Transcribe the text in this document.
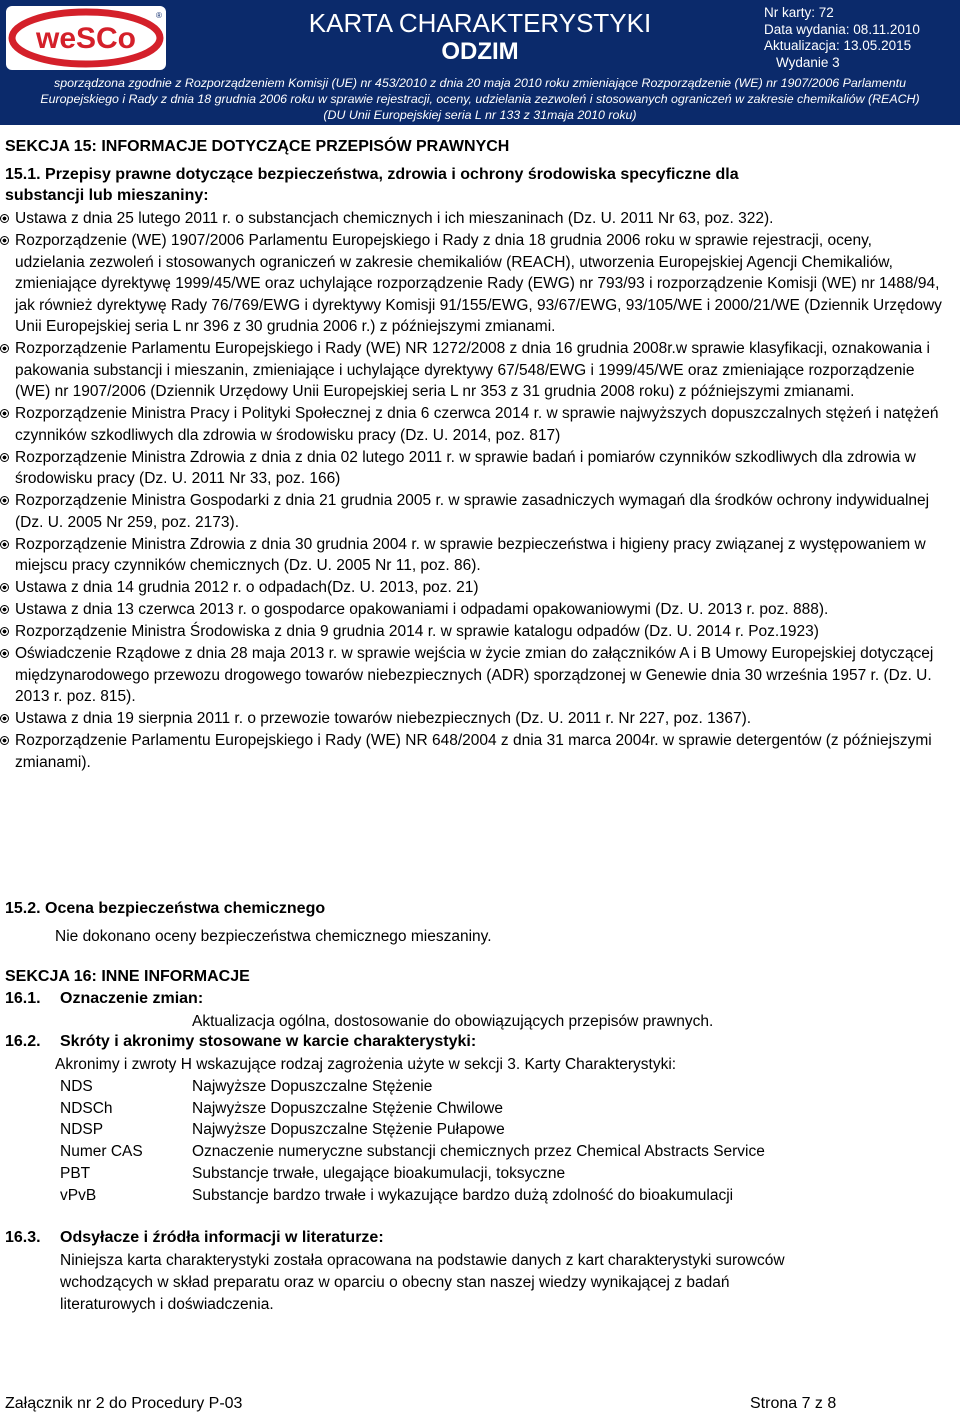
weSCo
®	KARTA CHARAKTERYSTYKI
ODZIM
Nr karty: 72
Data wydania: 08.11.2010
Aktualizacja: 13.05.2015
Wydanie 3
sporządzona zgodnie z Rozporządzeniem Komisji (UE) nr 453/2010 z dnia 20 maja 2010 roku zmieniające Rozporządzenie (WE) nr 1907/2006 Parlamentu
Europejskiego i Rady z dnia 18 grudnia 2006 roku w sprawie rejestracji, oceny, udzielania zezwoleń i stosowanych ograniczeń w zakresie chemikaliów (REACH)
(DU Unii Europejskiej seria L nr 133 z 31maja 2010 roku)
SEKCJA 15: INFORMACJE DOTYCZĄCE PRZEPISÓW PRAWNYCH
15.1. Przepisy prawne dotyczące bezpieczeństwa, zdrowia i ochrony środowiska specyficzne dla
substancji lub mieszaniny:
Ustawa z dnia 25 lutego 2011 r. o substancjach chemicznych i ich mieszaninach (Dz. U. 2011 Nr 63, poz. 322).
Rozporządzenie (WE) 1907/2006 Parlamentu Europejskiego i Rady z dnia 18 grudnia 2006 roku w sprawie rejestracji, oceny, udzielania zezwoleń i stosowanych ograniczeń w zakresie chemikaliów (REACH), utworzenia Europejskiej Agencji Chemikaliów, zmieniające dyrektywę 1999/45/WE oraz uchylające rozporządzenie Rady (EWG) nr 793/93 i rozporządzenie Komisji (WE) nr 1488/94, jak również dyrektywę Rady 76/769/EWG i dyrektywy Komisji 91/155/EWG, 93/67/EWG, 93/105/WE i 2000/21/WE (Dziennik Urzędowy Unii Europejskiej seria L nr 396 z 30 grudnia 2006 r.) z późniejszymi zmianami.
Rozporządzenie Parlamentu Europejskiego i Rady (WE) NR 1272/2008 z dnia 16 grudnia 2008r.w sprawie klasyfikacji, oznakowania i pakowania substancji i mieszanin, zmieniające i uchylające dyrektywy 67/548/EWG i 1999/45/WE oraz zmieniające rozporządzenie (WE) nr 1907/2006 (Dziennik Urzędowy Unii Europejskiej seria L nr 353 z 31 grudnia 2008 roku) z późniejszymi zmianami.
Rozporządzenie Ministra Pracy i Polityki Społecznej z dnia 6 czerwca 2014 r. w sprawie najwyższych dopuszczalnych stężeń i natężeń czynników szkodliwych dla zdrowia w środowisku pracy (Dz. U. 2014, poz. 817)
Rozporządzenie Ministra Zdrowia z dnia z dnia 02 lutego 2011 r. w sprawie badań i pomiarów czynników szkodliwych dla zdrowia w środowisku pracy (Dz. U. 2011 Nr 33, poz. 166)
Rozporządzenie Ministra Gospodarki z dnia 21 grudnia 2005 r. w sprawie zasadniczych wymagań dla środków ochrony indywidualnej (Dz. U. 2005 Nr 259, poz. 2173).
Rozporządzenie Ministra Zdrowia z dnia 30 grudnia 2004 r. w sprawie bezpieczeństwa i higieny pracy związanej z występowaniem w miejscu pracy czynników chemicznych (Dz. U. 2005 Nr 11, poz. 86).
Ustawa z dnia 14 grudnia 2012 r. o odpadach(Dz. U. 2013, poz. 21)
Ustawa z dnia 13 czerwca 2013 r. o gospodarce opakowaniami i odpadami opakowaniowymi (Dz. U. 2013 r. poz. 888).
Rozporządzenie Ministra Środowiska z dnia 9 grudnia 2014 r. w sprawie katalogu odpadów (Dz. U. 2014 r. Poz.1923)
Oświadczenie Rządowe z dnia 28 maja 2013 r. w sprawie wejścia w życie zmian do załączników A i B Umowy Europejskiej dotyczącej międzynarodowego przewozu drogowego towarów niebezpiecznych (ADR) sporządzonej w Genewie dnia 30 września 1957 r. (Dz. U. 2013 r. poz. 815).
Ustawa z dnia 19 sierpnia 2011 r. o przewozie towarów niebezpiecznych (Dz. U. 2011 r. Nr 227, poz. 1367).
Rozporządzenie Parlamentu Europejskiego i Rady (WE) NR 648/2004 z dnia 31 marca 2004r. w sprawie detergentów (z późniejszymi zmianami).
15.2. Ocena bezpieczeństwa chemicznego
Nie dokonano oceny bezpieczeństwa chemicznego mieszaniny.
SEKCJA 16: INNE INFORMACJE
16.1. Oznaczenie zmian:
Aktualizacja ogólna, dostosowanie do obowiązujących przepisów prawnych.
16.2. Skróty i akronimy stosowane w karcie charakterystyki:
Akronimy i zwroty H wskazujące rodzaj zagrożenia użyte w sekcji 3. Karty Charakterystyki:
NDS	Najwyższe Dopuszczalne Stężenie
NDSCh	Najwyższe Dopuszczalne Stężenie Chwilowe
NDSP	Najwyższe Dopuszczalne Stężenie Pułapowe
Numer CAS	Oznaczenie numeryczne substancji chemicznych przez Chemical Abstracts Service
PBT	Substancje trwałe, ulegające bioakumulacji, toksyczne
vPvB	Substancje bardzo trwałe i wykazujące bardzo dużą zdolność do bioakumulacji
16.3. Odsyłacze i źródła informacji w literaturze:
Niniejsza karta charakterystyki została opracowana na podstawie danych z kart charakterystyki surowców
wchodzących w skład preparatu oraz w oparciu o obecny stan naszej wiedzy wynikającej z badań
literaturowych i doświadczenia.
Załącznik nr 2 do Procedury P-03	Strona 7 z 8
